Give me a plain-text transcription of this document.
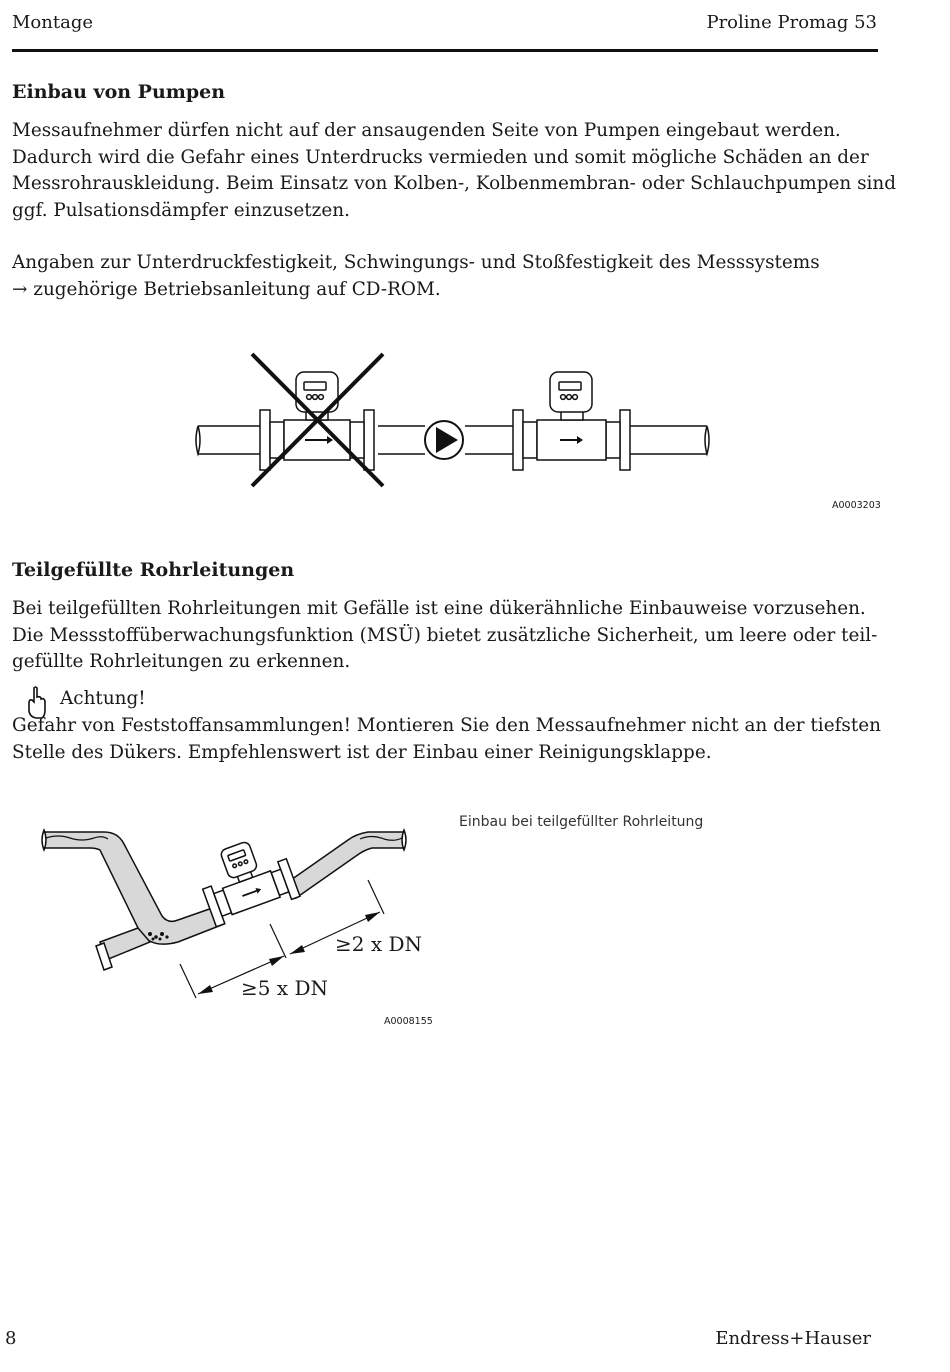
Montage	Proline Promag 53
Einbau von Pumpen
Messaufnehmer dürfen nicht auf der ansaugenden Seite von Pumpen eingebaut werden.
Dadurch wird die Gefahr eines Unterdrucks vermieden und somit mögliche Schäden an der
Messrohrauskleidung. Beim Einsatz von Kolben-, Kolbenmembran- oder Schlauchpumpen sind
ggf. Pulsationsdämpfer einzusetzen.
Angaben zur Unterdruckfestigkeit, Schwingungs- und Stoßfestigkeit des Messsystems
→ zugehörige Betriebsanleitung auf CD-ROM.
A0003203
Teilgefüllte Rohrleitungen
Bei teilgefüllten Rohrleitungen mit Gefälle ist eine dükerähnliche Einbauweise vorzusehen.
Die Messstoffüberwachungsfunktion (MSÜ) bietet zusätzliche Sicherheit, um leere oder teil-
gefüllte Rohrleitungen zu erkennen.
Achtung!
Gefahr von Feststoffansammlungen! Montieren Sie den Messaufnehmer nicht an der tiefsten
Stelle des Dükers. Empfehlenswert ist der Einbau einer Reinigungsklappe.
≥5 x DN
≥2 x DN
Einbau bei teilgefüllter Rohrleitung
A0008155
8	Endress+Hauser
